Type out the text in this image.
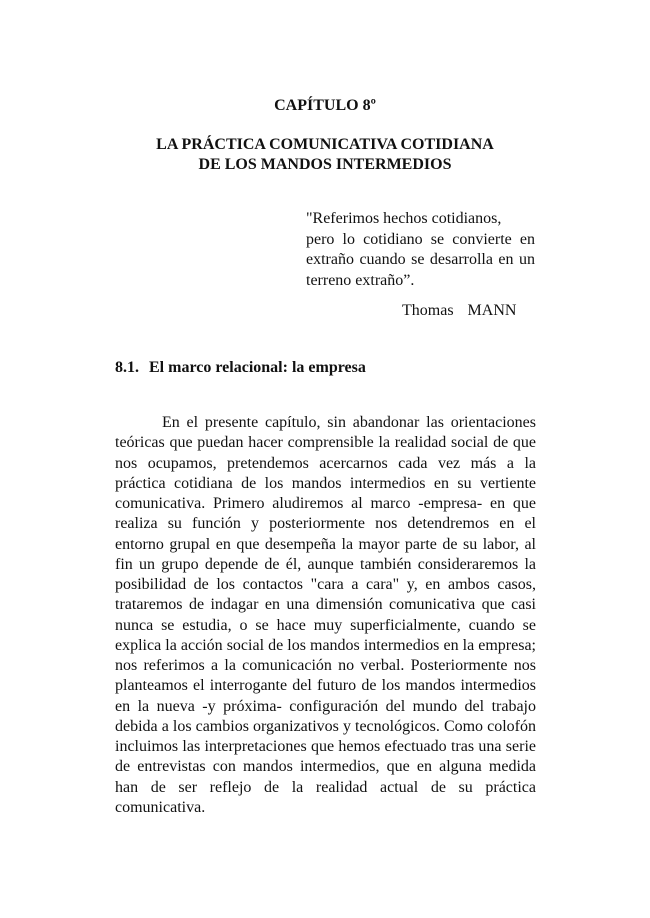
CAPÍTULO 8º
LA PRÁCTICA COMUNICATIVA COTIDIANA
DE LOS MANDOS INTERMEDIOS
"Referimos hechos cotidianos,
pero lo cotidiano se convierte en
extraño cuando se desarrolla en un
terreno extraño”.
Thomas MANN
8.1. El marco relacional: la empresa

En el presente capítulo, sin abandonar las orientaciones teóricas que puedan hacer comprensible la realidad social de que nos ocupamos, pretendemos acercarnos cada vez más a la práctica cotidiana de los mandos intermedios en su vertiente comunicativa. Primero aludiremos al marco -empresa- en que realiza su función y posteriormente nos detendremos en el entorno grupal en que desempeña la mayor parte de su labor, al fin un grupo depende de él, aunque también consideraremos la posibilidad de los contactos "cara a cara" y, en ambos casos, trataremos de indagar en una dimensión comunicativa que casi nunca se estudia, o se hace muy superficialmente, cuando se explica la acción social de los mandos intermedios en la empresa; nos referimos a la comunicación no verbal. Posteriormente nos planteamos el interrogante del futuro de los mandos intermedios en la nueva -y próxima- configuración del mundo del trabajo debida a los cambios organizativos y tecnológicos. Como colofón incluimos las interpretaciones que hemos efectuado tras una serie de entrevistas con mandos intermedios, que en alguna medida han de ser reflejo de la realidad actual de su práctica comunicativa.
